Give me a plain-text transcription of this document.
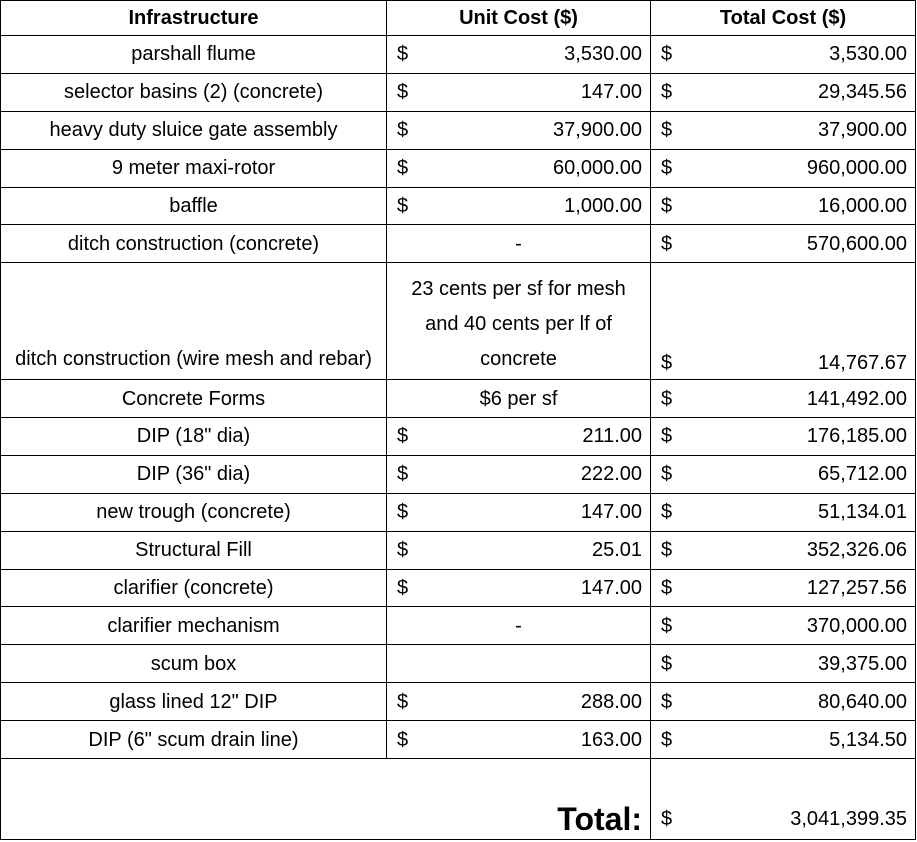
Infrastructure	Unit Cost ($)		Total Cost ($)	
parshall flume	$	3,530.00	$	3,530.00
selector basins (2) (concrete)	$	147.00	$	29,345.56
heavy duty sluice gate assembly	$	37,900.00	$	37,900.00
9 meter maxi-rotor	$	60,000.00	$	960,000.00
baffle	$	1,000.00	$	16,000.00
ditch construction (concrete)	-		$	570,600.00
ditch construction (wire mesh and rebar)	23 cents per sf for mesh and 40 cents per lf of concrete		$	14,767.67
Concrete Forms	$6 per sf		$	141,492.00
DIP (18" dia)	$	211.00	$	176,185.00
DIP (36" dia)	$	222.00	$	65,712.00
new trough (concrete)	$	147.00	$	51,134.01
Structural Fill	$	25.01	$	352,326.06
clarifier (concrete)	$	147.00	$	127,257.56
clarifier mechanism	-		$	370,000.00
scum box			$	39,375.00
glass lined 12" DIP	$	288.00	$	80,640.00
DIP (6" scum drain line)	$	163.00	$	5,134.50
Total:			$	3,041,399.35
